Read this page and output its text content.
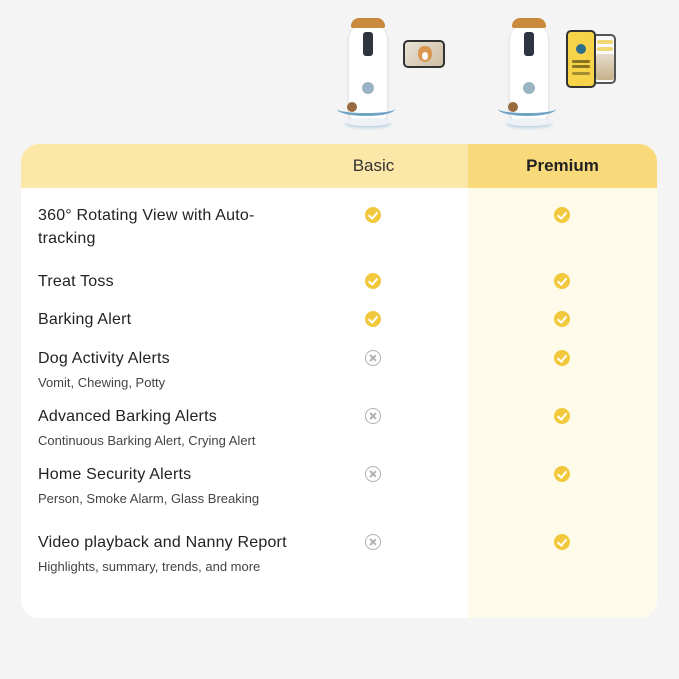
Basic	Premium
360° Rotating View with Auto-tracking
Treat Toss
Barking Alert
Dog Activity Alerts
Vomit, Chewing, Potty
Advanced Barking Alerts
Continuous Barking Alert, Crying Alert
Home Security Alerts
Person, Smoke Alarm, Glass Breaking
Video playback and Nanny Report
Highlights, summary, trends, and more
